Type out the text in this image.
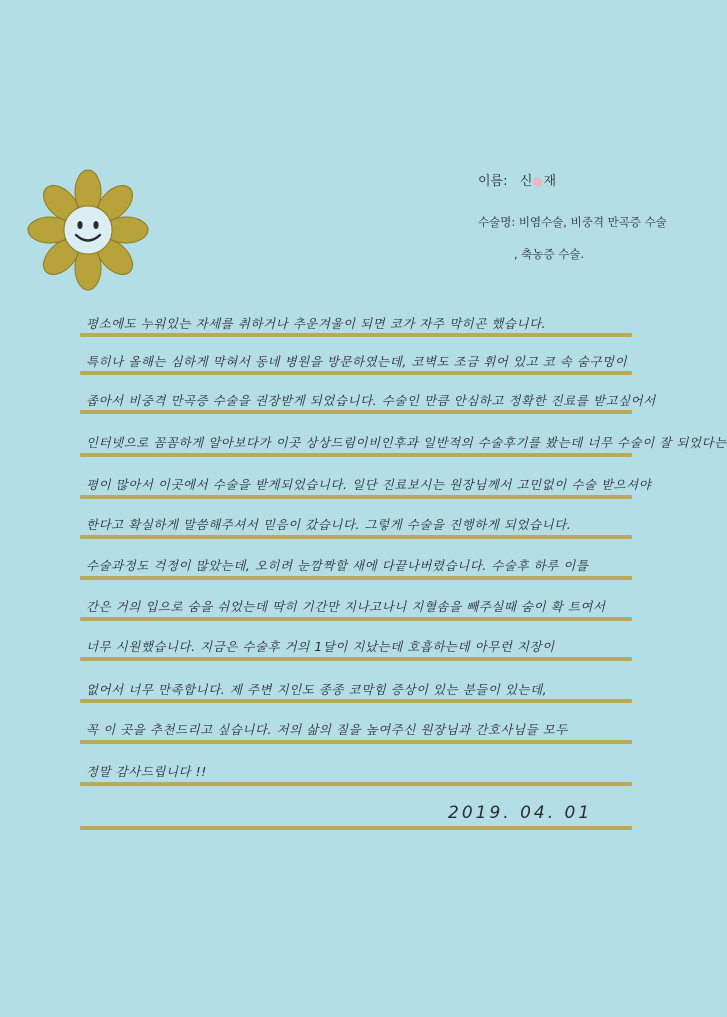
이름: 신 재
수술명: 비염수술, 비중격 만곡증 수술
, 축농증 수술.
평소에도 누워있는 자세를 취하거나 추운겨울이 되면 코가 자주 막히곤 했습니다.
특히나 올해는 심하게 막혀서 동네 병원을 방문하였는데, 코벽도 조금 휘어 있고 코 속 숨구멍이
좁아서 비중격 만곡증 수술을 권장받게 되었습니다. 수술인 만큼 안심하고 정확한 진료를 받고싶어서
인터넷으로 꼼꼼하게 알아보다가 이곳 상상드림이비인후과 일반적의 수술후기를 봤는데 너무 수술이 잘 되었다는
평이 많아서 이곳에서 수술을 받게되었습니다. 일단 진료보시는 원장님께서 고민없이 수술 받으셔야
한다고 확실하게 말씀해주셔서 믿음이 갔습니다. 그렇게 수술을 진행하게 되었습니다.
수술과정도 걱정이 많았는데, 오히려 눈깜짝할 새에 다끝나버렸습니다. 수술후 하루 이틀
간은 거의 입으로 숨을 쉬었는데 딱히 기간만 지나고나니 지혈솜을 빼주실때 숨이 확 트여서
너무 시원했습니다. 지금은 수술후 거의 1달이 지났는데 호흡하는데 아무런 지장이
없어서 너무 만족합니다. 제 주변 지인도 종종 코막힘 증상이 있는 분들이 있는데,
꼭 이 곳을 추천드리고 싶습니다. 저의 삶의 질을 높여주신 원장님과 간호사님들 모두
정말 감사드립니다 !!
2019. 04. 01
